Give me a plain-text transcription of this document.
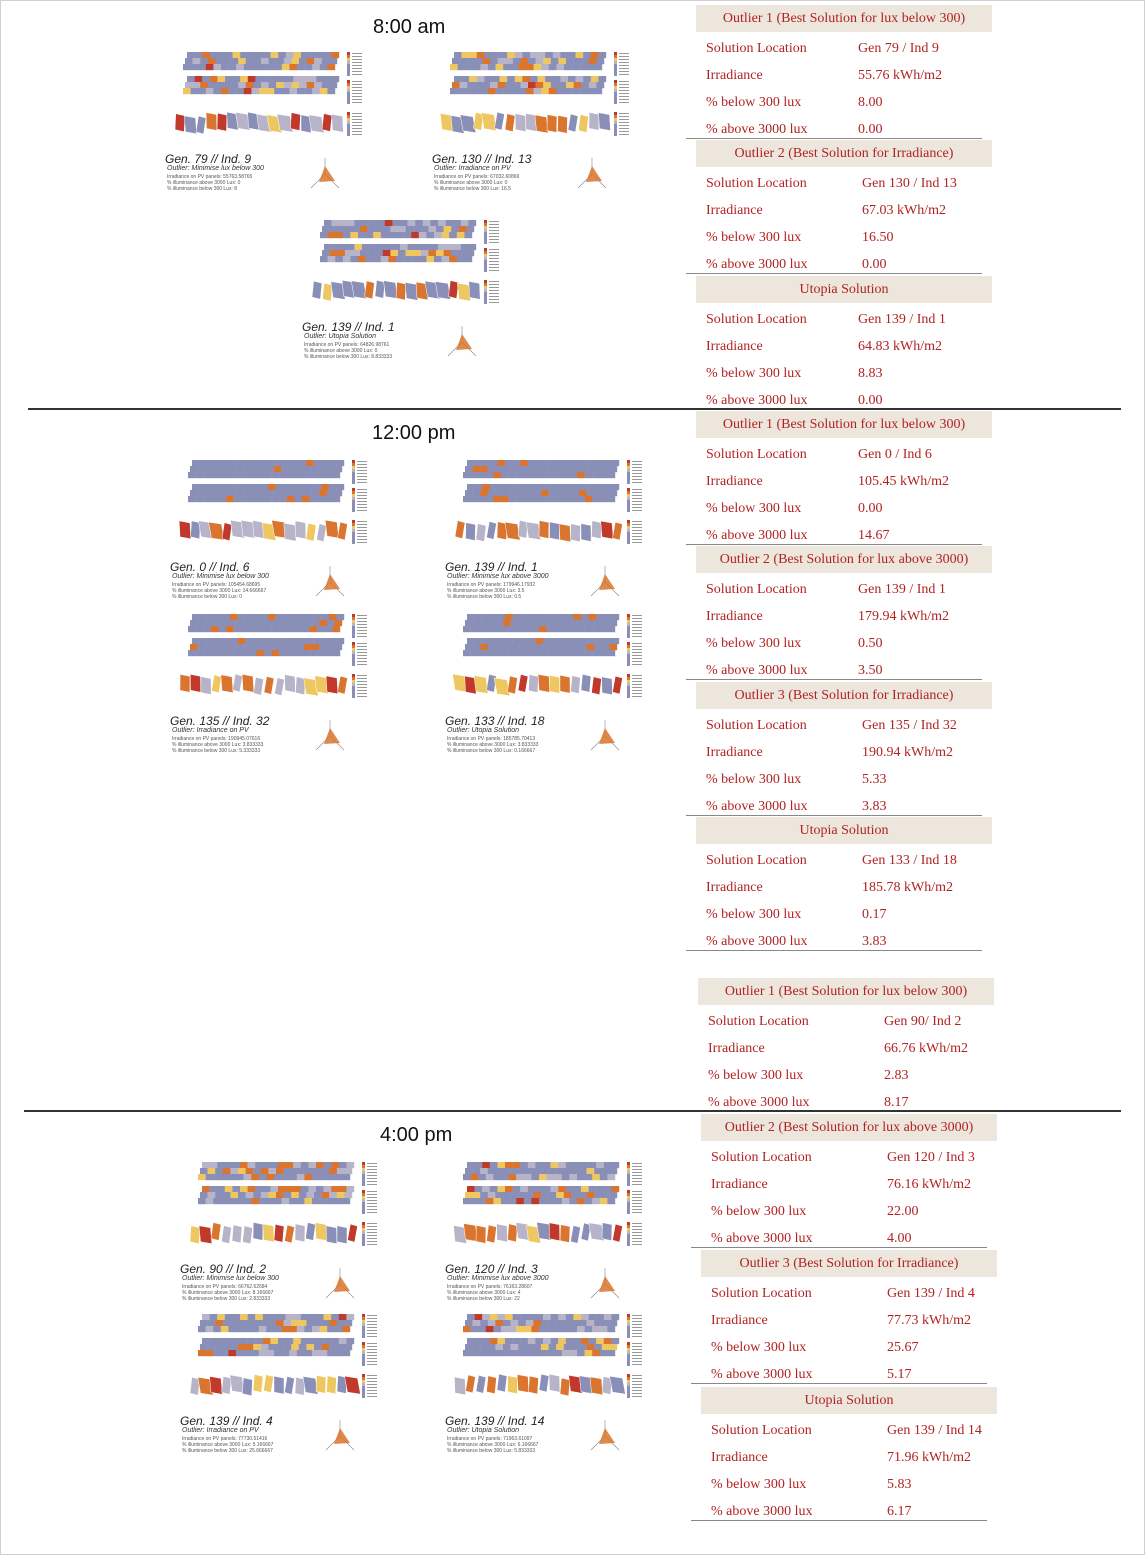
8:00 am
Gen. 79 // Ind. 9
Outlier: Minimise lux below 300
Irradiance on PV panels: 55763.58765
% illuminance above 3000 Lux: 0
% illuminance below 300 Lux: 8
Gen. 130 // Ind. 13
Outlier: Irradiance on PV
Irradiance on PV panels: 67032.60869
% illuminance above 3000 Lux: 0
% illuminance below 300 Lux: 16.5
Gen. 139 // Ind. 1
Outlier: Utopia Solution
Irradiance on PV panels: 64826.98761
% illuminance above 3000 Lux: 0
% illuminance below 300 Lux: 8.833333
Outlier 1 (Best Solution for lux below 300)
Solution Location	Gen 79 / Ind 9
Irradiance	55.76 kWh/m2
% below 300 lux	8.00
% above 3000 lux	0.00
Outlier 2 (Best Solution for Irradiance)
Solution Location	Gen 130 / Ind 13
Irradiance	67.03 kWh/m2
% below 300 lux	16.50
% above 3000 lux	0.00
Utopia Solution
Solution Location	Gen 139 / Ind 1
Irradiance	64.83 kWh/m2
% below 300 lux	8.83
% above 3000 lux	0.00
12:00 pm
Gen. 0 // Ind. 6
Outlier: Minimise lux below 300
Irradiance on PV panels: 105454.68695
% illuminance above 3000 Lux: 14.666667
% illuminance below 300 Lux: 0
Gen. 139 // Ind. 1
Outlier: Minimise lux above 3000
Irradiance on PV panels: 179946.17932
% illuminance above 3000 Lux: 3.5
% illuminance below 300 Lux: 0.5
Gen. 135 // Ind. 32
Outlier: Irradiance on PV
Irradiance on PV panels: 190945.07616
% illuminance above 3000 Lux: 3.833333
% illuminance below 300 Lux: 5.333333
Gen. 133 // Ind. 18
Outlier: Utopia Solution
Irradiance on PV panels: 185785.70413
% illuminance above 3000 Lux: 3.833333
% illuminance below 300 Lux: 0.166667
Outlier 1 (Best Solution for lux below 300)
Solution Location	Gen 0 / Ind 6
Irradiance	105.45 kWh/m2
% below 300 lux	0.00
% above 3000 lux	14.67
Outlier 2 (Best Solution for lux above 3000)
Solution Location	Gen 139 / Ind 1
Irradiance	179.94 kWh/m2
% below 300 lux	0.50
% above 3000 lux	3.50
Outlier 3 (Best Solution for Irradiance)
Solution Location	Gen 135 / Ind 32
Irradiance	190.94 kWh/m2
% below 300 lux	5.33
% above 3000 lux	3.83
Utopia Solution
Solution Location	Gen 133 / Ind 18
Irradiance	185.78 kWh/m2
% below 300 lux	0.17
% above 3000 lux	3.83
Outlier 1 (Best Solution for lux below 300)
Solution Location	Gen 90/ Ind 2
Irradiance	66.76 kWh/m2
% below 300 lux	2.83
% above 3000 lux	8.17
4:00 pm
Gen. 90 // Ind. 2
Outlier: Minimise lux below 300
Irradiance on PV panels: 66762.62684
% illuminance above 3000 Lux: 8.166667
% illuminance below 300 Lux: 2.833333
Gen. 120 // Ind. 3
Outlier: Minimise lux above 3000
Irradiance on PV panels: 76163.28607
% illuminance above 3000 Lux: 4
% illuminance below 300 Lux: 22
Gen. 139 // Ind. 4
Outlier: Irradiance on PV
Irradiance on PV panels: 77730.51416
% illuminance above 3000 Lux: 5.166667
% illuminance below 300 Lux: 25.666667
Gen. 139 // Ind. 14
Outlier: Utopia Solution
Irradiance on PV panels: 71963.61097
% illuminance above 3000 Lux: 6.166667
% illuminance below 300 Lux: 5.833333
Outlier 2 (Best Solution for lux above 3000)
Solution Location	Gen 120 / Ind 3
Irradiance	76.16 kWh/m2
% below 300 lux	22.00
% above 3000 lux	4.00
Outlier 3 (Best Solution for Irradiance)
Solution Location	Gen 139 / Ind 4
Irradiance	77.73 kWh/m2
% below 300 lux	25.67
% above 3000 lux	5.17
Utopia Solution
Solution Location	Gen 139 / Ind 14
Irradiance	71.96 kWh/m2
% below 300 lux	5.83
% above 3000 lux	6.17
